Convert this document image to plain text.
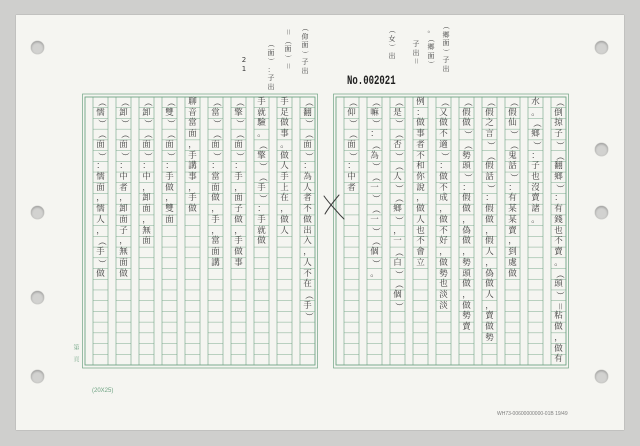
No.002021
(20X25)
第　頁
WH73-00600000000-01B 19/49
（
倒
掠
子
）
（
翻
鄉
）
：
有
錢
也
不
賣
。
（
頭
）
＝
粘
做
，
做
有
水
。
（
鄉
）
：
子
也
沒
賣
諸
。
（
假
仙
）
（
鬼
話
）
：
有
某
某
賣
，
到
處
做
（
假
之
言
）
（
假
話
）
：
假
做
，
假
人
，
偽
做
人
，
賣
做
勢
（
假
做
）
（
勢
頭
）
：
假
做
，
偽
做
，
勢
頭
做
，
做
勢
賣
（
又
做
不
適
）
：
做
不
成
，
做
不
好
，
做
勢
也
淡
淡
例
：
做
事
者
不
和
你
說
，
做
人
也
不
會
立
（
是
）
（
否
）
（
人
）
（
鄉
）
，
一
（
白
）
（
個
）
（
嘛
）
：
（
為
）
（
一
）
（
一
）
（
個
）
。
（
仰
）
（
面
）
：
中
者
（
翻
）
（
面
）
：
為
人
者
不
做
出
入
，
人
不
在
（
手
）
手
足
做
事
。
做
人
手
上
在
，
做
人
手
就
驗
。
（
擎
）
（
手
）
：
手
就
做
（
擎
）
（
面
）
：
手
，
面
子
做
，
手
做
事
（
當
）
（
面
）
：
當
面
做
，
手
，
當
面
講
聊
音
當
面
，
手
講
事
，
手
做
（
雙
）
（
面
）
：
手
做
，
雙
面
（
卸
）
（
面
）
：
中
，
卸
面
，
無
面
（
卸
）
（
面
）
：
中
者
，
卸
面
子
，
無
面
做
（
懦
）
（
面
）
：
懦
面
，
懦
人
，
（
手
）
做
（
仰
面
）
子
出
＝
（
面
）
＝
（
面
）
：
子
出
2
1
（
鄉
面
）
子
出
。
（
鄉
面
）
子
出
＝
（
女
）
出
